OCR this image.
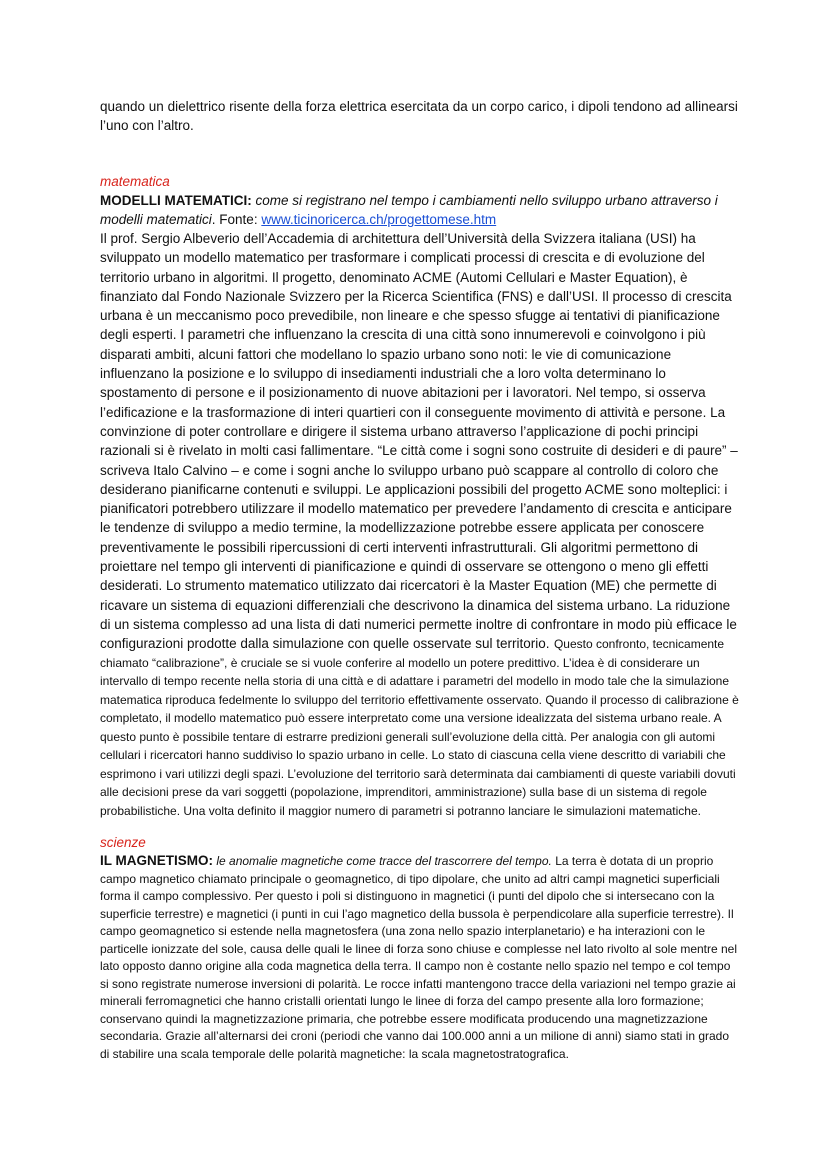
quando un dielettrico risente della forza elettrica esercitata da un corpo carico, i dipoli tendono ad allinearsi l’uno con l’altro.

matematica
MODELLI MATEMATICI: come si registrano nel tempo i cambiamenti nello sviluppo urbano attraverso i modelli matematici. Fonte: www.ticinoricerca.ch/progettomese.htm

Il prof. Sergio Albeverio dell’Accademia di architettura dell’Università della Svizzera italiana (USI) ha sviluppato un modello matematico per trasformare i complicati processi di crescita e di evoluzione del territorio urbano in algoritmi. Il progetto, denominato ACME (Automi Cellulari e Master Equation), è finanziato dal Fondo Nazionale Svizzero per la Ricerca Scientifica (FNS) e dall’USI. Il processo di crescita urbana è un meccanismo poco prevedibile, non lineare e che spesso sfugge ai tentativi di pianificazione degli esperti. I parametri che influenzano la crescita di una città sono innumerevoli e coinvolgono i più disparati ambiti, alcuni fattori che modellano lo spazio urbano sono noti: le vie di comunicazione influenzano la posizione e lo sviluppo di insediamenti industriali che a loro volta determinano lo spostamento di persone e il posizionamento di nuove abitazioni per i lavoratori. Nel tempo, si osserva l’edificazione e la trasformazione di interi quartieri con il conseguente movimento di attività e persone. La convinzione di poter controllare e dirigere il sistema urbano attraverso l’applicazione di pochi principi razionali si è rivelato in molti casi fallimentare. “Le città come i sogni sono costruite di desideri e di paure” – scriveva Italo Calvino – e come i sogni anche lo sviluppo urbano può scappare al controllo di coloro che desiderano pianificarne contenuti e sviluppi. Le applicazioni possibili del progetto ACME sono molteplici: i pianificatori potrebbero utilizzare il modello matematico per prevedere l’andamento di crescita e anticipare le tendenze di sviluppo a medio termine, la modellizzazione potrebbe essere applicata per conoscere preventivamente le possibili ripercussioni di certi interventi infrastrutturali. Gli algoritmi permettono di proiettare nel tempo gli interventi di pianificazione e quindi di osservare se ottengono o meno gli effetti desiderati. Lo strumento matematico utilizzato dai ricercatori è la Master Equation (ME) che permette di ricavare un sistema di equazioni differenziali che descrivono la dinamica del sistema urbano. La riduzione di un sistema complesso ad una lista di dati numerici permette inoltre di confrontare in modo più efficace le configurazioni prodotte dalla simulazione con quelle osservate sul territorio. Questo confronto, tecnicamente chiamato “calibrazione”, è cruciale se si vuole conferire al modello un potere predittivo. L’idea è di considerare un intervallo di tempo recente nella storia di una città e di adattare i parametri del modello in modo tale che la simulazione matematica riproduca fedelmente lo sviluppo del territorio effettivamente osservato. Quando il processo di calibrazione è completato, il modello matematico può essere interpretato come una versione idealizzata del sistema urbano reale. A questo punto è possibile tentare di estrarre predizioni generali sull’evoluzione della città. Per analogia con gli automi cellulari i ricercatori hanno suddiviso lo spazio urbano in celle. Lo stato di ciascuna cella viene descritto di variabili che esprimono i vari utilizzi degli spazi. L’evoluzione del territorio sarà determinata dai cambiamenti di queste variabili dovuti alle decisioni prese da vari soggetti (popolazione, imprenditori, amministrazione) sulla base di un sistema di regole probabilistiche. Una volta definito il maggior numero di parametri si potranno lanciare le simulazioni matematiche.
scienze
IL MAGNETISMO: le anomalie magnetiche come tracce del trascorrere del tempo. La terra è dotata di un proprio campo magnetico chiamato principale o geomagnetico, di tipo dipolare, che unito ad altri campi magnetici superficiali forma il campo complessivo. Per questo i poli si distinguono in magnetici (i punti del dipolo che si intersecano con la superficie terrestre) e magnetici (i punti in cui l’ago magnetico della bussola è perpendicolare alla superficie terrestre). Il campo geomagnetico si estende nella magnetosfera (una zona nello spazio interplanetario) e ha interazioni con le particelle ionizzate del sole, causa delle quali le linee di forza sono chiuse e complesse nel lato rivolto al sole mentre nel lato opposto danno origine alla coda magnetica della terra. Il campo non è costante nello spazio nel tempo e col tempo si sono registrate numerose inversioni di polarità. Le rocce infatti mantengono tracce della variazioni nel tempo grazie ai minerali ferromagnetici che hanno cristalli orientati lungo le linee di forza del campo presente alla loro formazione; conservano quindi la magnetizzazione primaria, che potrebbe essere modificata producendo una magnetizzazione secondaria. Grazie all’alternarsi dei croni (periodi che vanno dai 100.000 anni a un milione di anni) siamo stati in grado di stabilire una scala temporale delle polarità magnetiche: la scala magnetostratografica.
